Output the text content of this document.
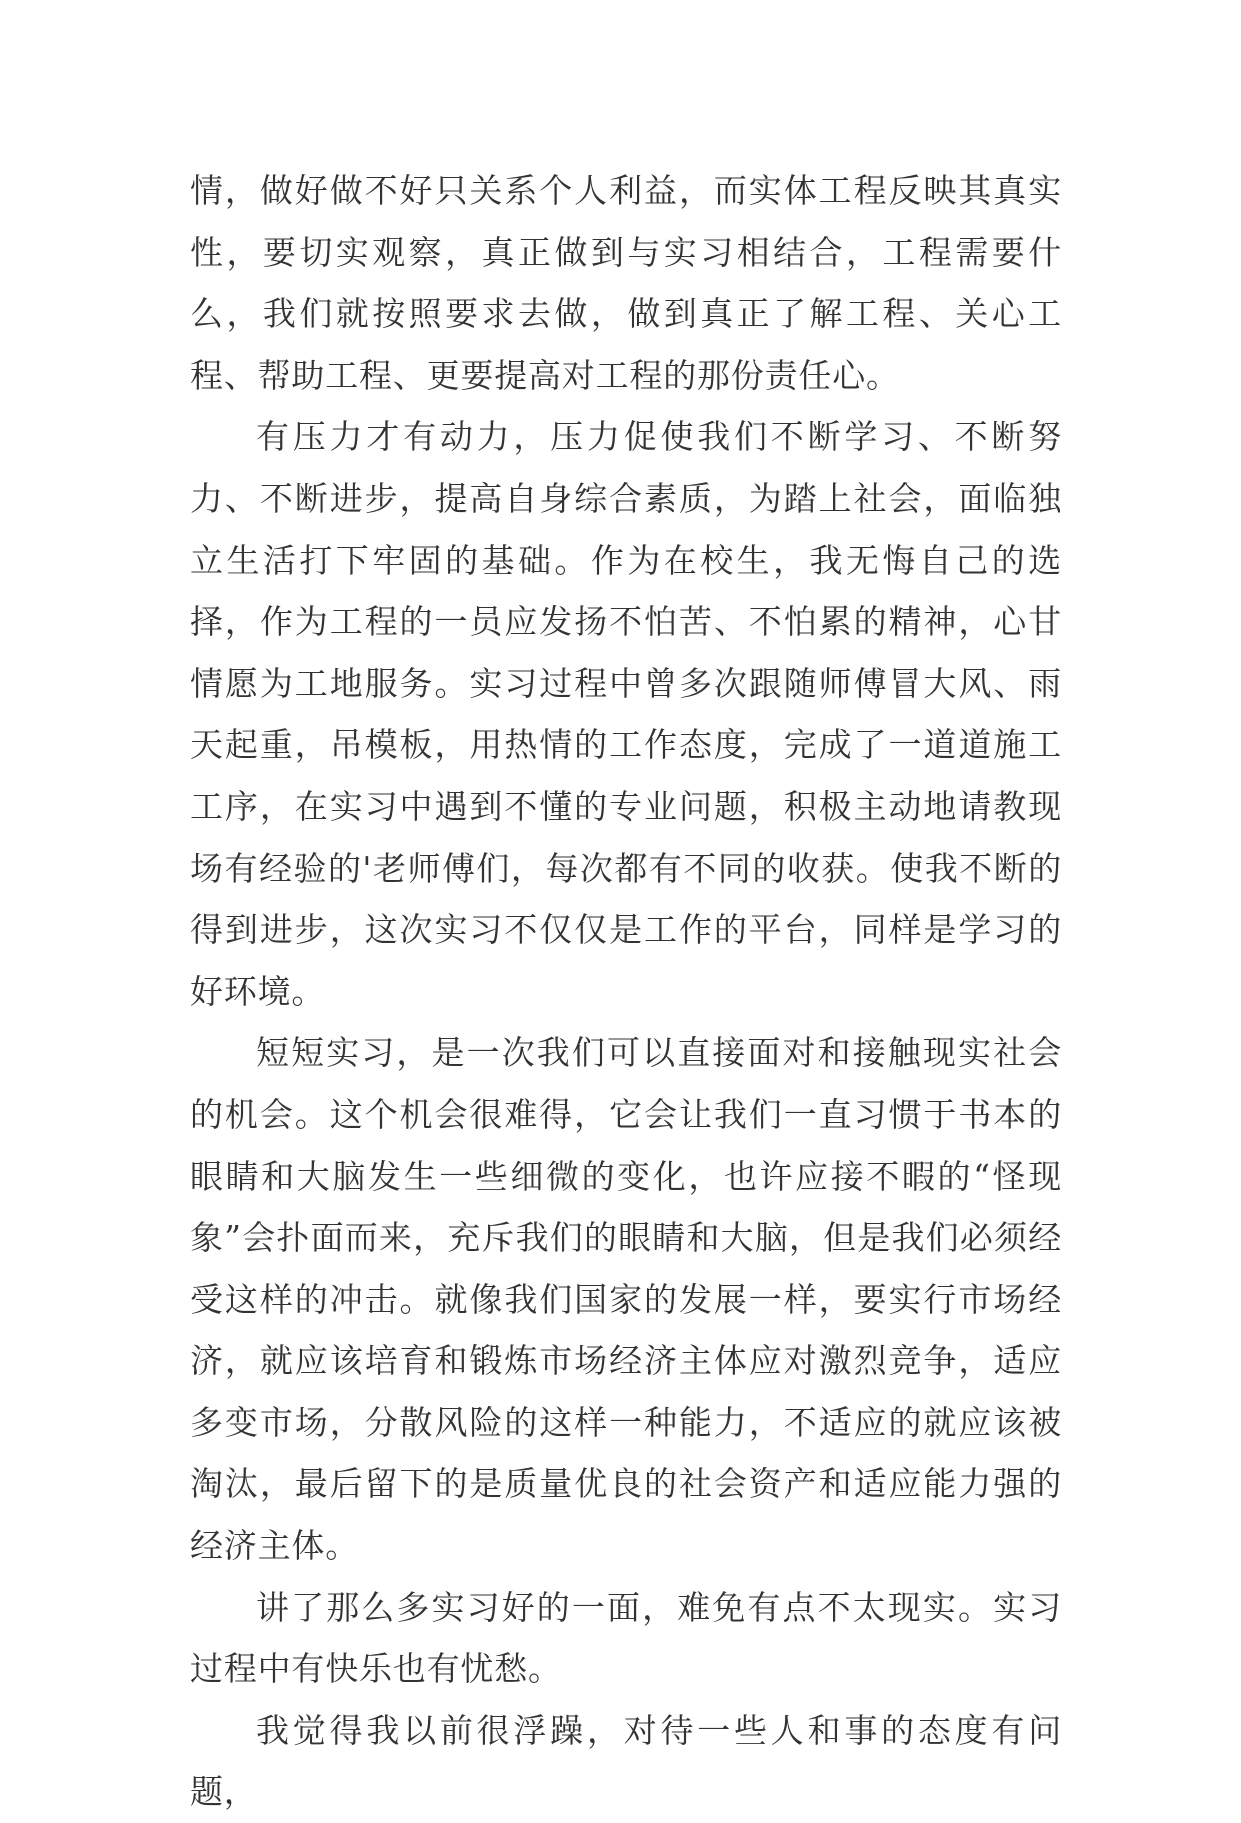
情，做好做不好只关系个人利益，而实体工程反映其真实性，要切实观察，真正做到与实习相结合，工程需要什么，我们就按照要求去做，做到真正了解工程、关心工程、帮助工程、更要提高对工程的那份责任心。

有压力才有动力，压力促使我们不断学习、不断努力、不断进步，提高自身综合素质，为踏上社会，面临独立生活打下牢固的基础。作为在校生，我无悔自己的选择，作为工程的一员应发扬不怕苦、不怕累的精神，心甘情愿为工地服务。实习过程中曾多次跟随师傅冒大风、雨天起重，吊模板，用热情的工作态度，完成了一道道施工工序，在实习中遇到不懂的专业问题，积极主动地请教现场有经验的'老师傅们，每次都有不同的收获。使我不断的得到进步，这次实习不仅仅是工作的平台，同样是学习的好环境。

短短实习，是一次我们可以直接面对和接触现实社会的机会。这个机会很难得，它会让我们一直习惯于书本的眼睛和大脑发生一些细微的变化，也许应接不暇的“怪现象”会扑面而来，充斥我们的眼睛和大脑，但是我们必须经受这样的冲击。就像我们国家的发展一样，要实行市场经济，就应该培育和锻炼市场经济主体应对激烈竞争，适应多变市场，分散风险的这样一种能力，不适应的就应该被淘汰，最后留下的是质量优良的社会资产和适应能力强的经济主体。

讲了那么多实习好的一面，难免有点不太现实。实习过程中有快乐也有忧愁。

我觉得我以前很浮躁，对待一些人和事的态度有问题，
